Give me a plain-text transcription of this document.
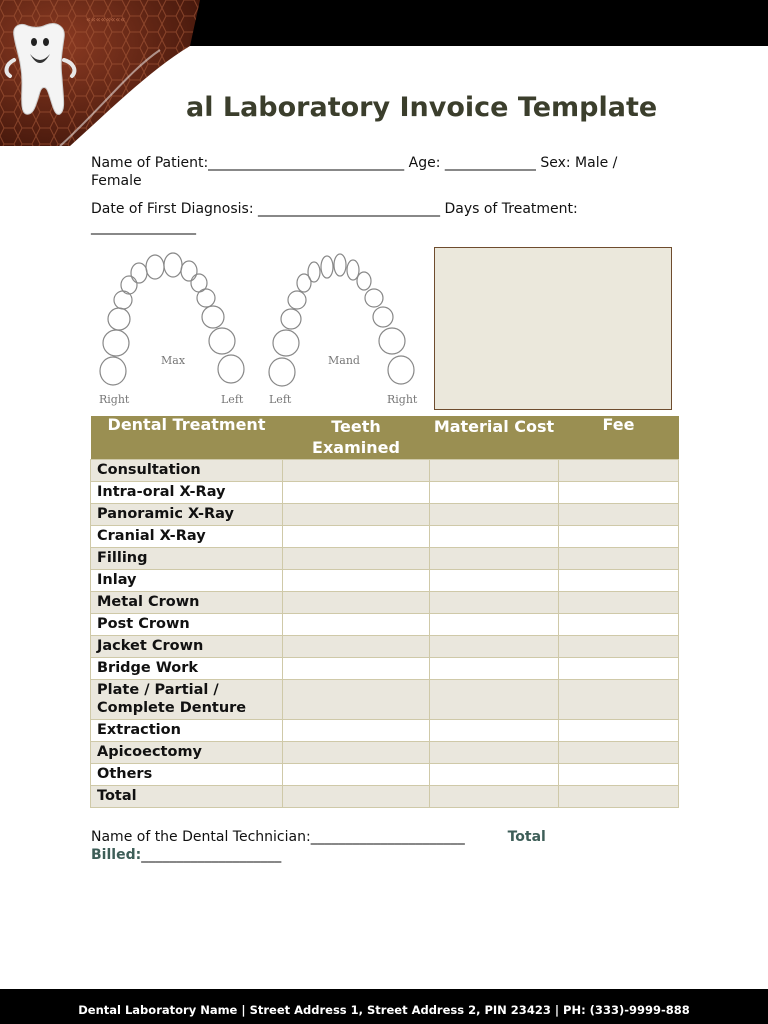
««««««««
al Laboratory Invoice Template
Name of Patient:____________________________ Age: _____________ Sex: Male / Female
Date of First Diagnosis: __________________________ Days of Treatment: _______________
Max	Mand
Right	Left Left	Right
Dental Treatment	Teeth Examined	Material Cost	Fee
Consultation			
Intra-oral X-Ray			
Panoramic X-Ray			
Cranial X-Ray			
Filling			
Inlay			
Metal Crown			
Post Crown			
Jacket Crown			
Bridge Work			
Plate / Partial / Complete Denture			
Extraction			
Apicoectomy			
Others			
Total			
Name of the Dental Technician:______________________	Total Billed:____________________
Dental Laboratory Name | Street Address 1, Street Address 2, PIN 23423 | PH: (333)-9999-888
